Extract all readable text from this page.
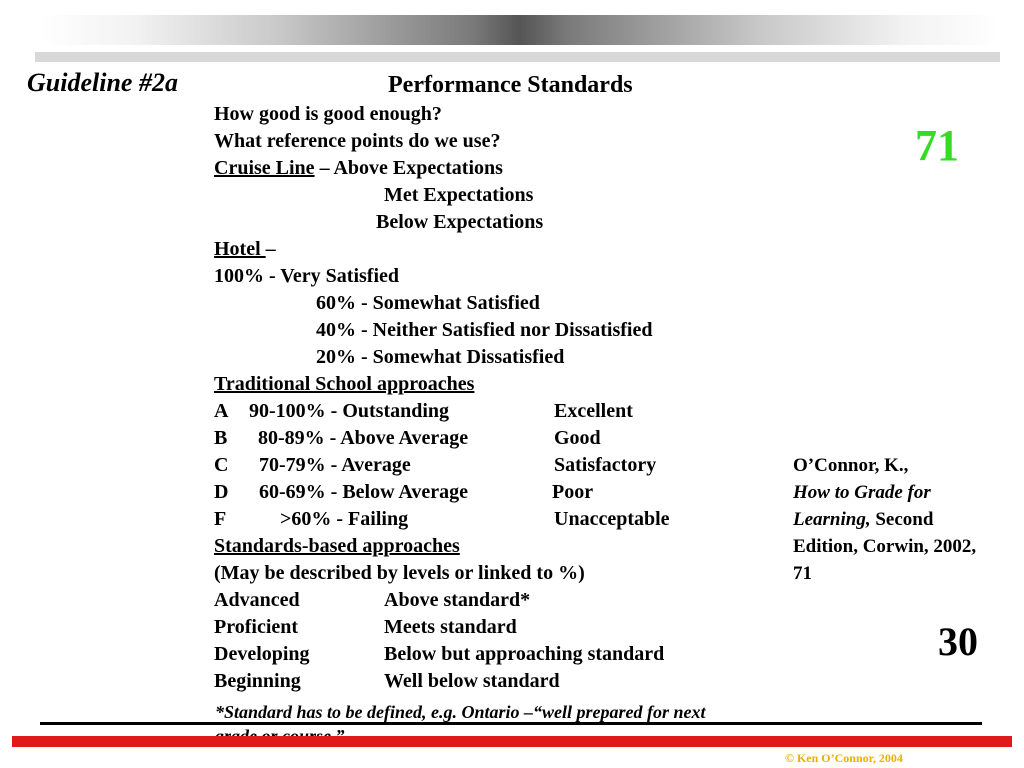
Guideline #2a	Performance Standards
71
How good is good enough?
What reference points do we use?
Cruise Line – Above Expectations
Met Expectations
Below Expectations
Hotel –
100% - Very Satisfied
60% - Somewhat Satisfied
40% - Neither Satisfied nor Dissatisfied
20% - Somewhat Dissatisfied
Traditional School approaches
A 90-100% - Outstanding	Excellent
B 80-89% - Above Average	Good
C 70-79% - Average	Satisfactory
D 60-69% - Below Average	Poor
F	>60% - Failing	Unacceptable
Standards-based approaches
(May be described by levels or linked to %)
Advanced	Above standard*
Proficient	Meets standard
Developing	Below but approaching standard
Beginning	Well below standard
*Standard has to be defined, e.g. Ontario –“well prepared for next
O’Connor, K.,
How to Grade for Learning, Second Edition, Corwin, 2002, 71
30
© Ken O’Connor, 2004
